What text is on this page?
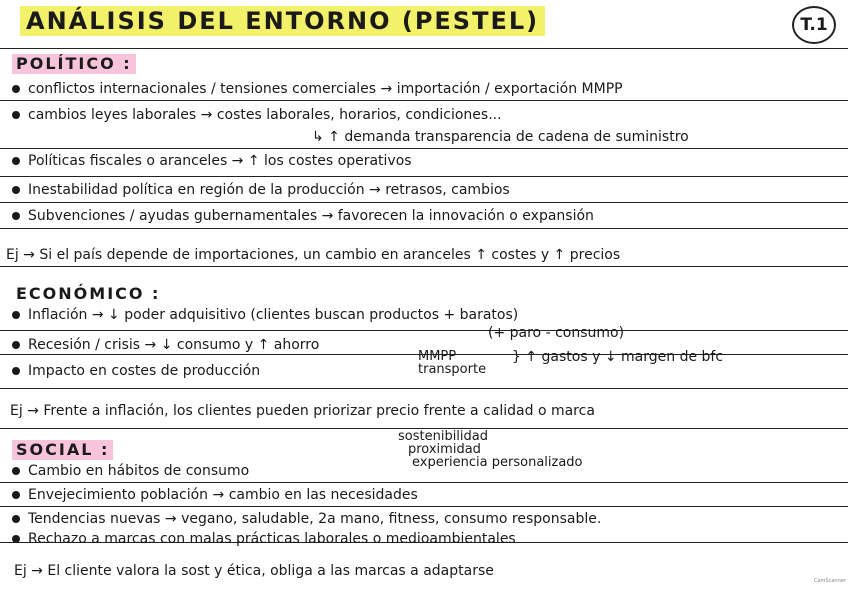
ANÁLISIS DEL ENTORNO (PESTEL)	T.1
POLÍTICO :
conflictos internacionales / tensiones comerciales → importación / exportación MMPP
cambios leyes laborales → costes laborales, horarios, condiciones...
↳ ↑ demanda transparencia de cadena de suministro
Políticas fiscales o aranceles → ↑ los costes operativos
Inestabilidad política en región de la producción → retrasos, cambios
Subvenciones / ayudas gubernamentales → favorecen la innovación o expansión
Ej → Si el país depende de importaciones, un cambio en aranceles ↑ costes y ↑ precios
ECONÓMICO :
Inflación → ↓ poder adquisitivo (clientes buscan productos + baratos)
Recesión / crisis → ↓ consumo y ↑ ahorro
(+ paro - consumo)
Impacto en costes de producción
MMPP
transporte
} ↑ gastos y ↓ margen de bfc
Ej → Frente a inflación, los clientes pueden priorizar precio frente a calidad o marca
SOCIAL :
sostenibilidad
proximidad
experiencia personalizado
Cambio en hábitos de consumo
Envejecimiento población → cambio en las necesidades
Tendencias nuevas → vegano, saludable, 2a mano, fitness, consumo responsable.
Rechazo a marcas con malas prácticas laborales o medioambientales
Ej → El cliente valora la sost y ética, obliga a las marcas a adaptarse
CamScanner
